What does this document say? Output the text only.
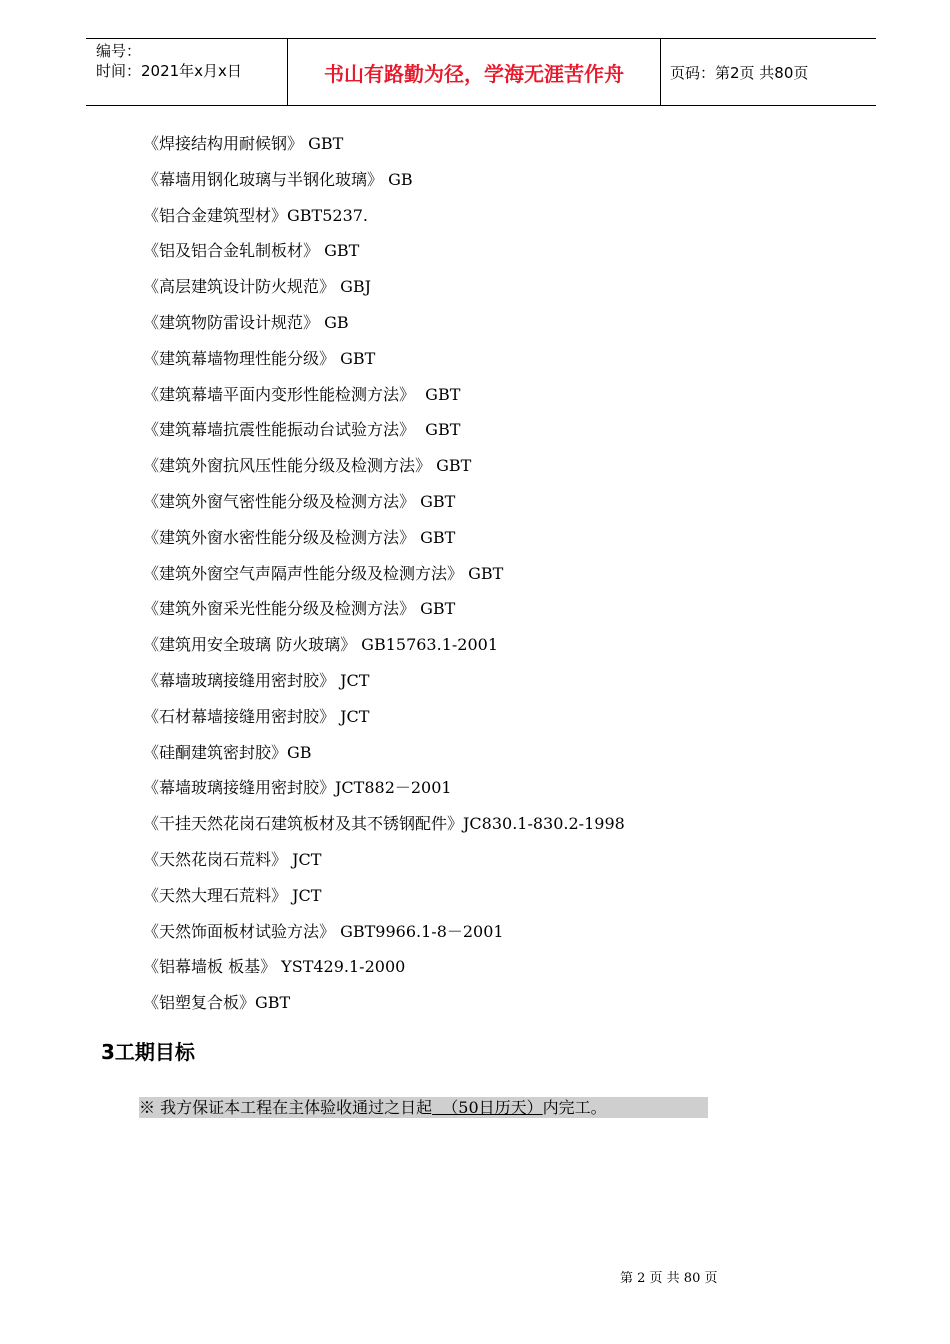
编号：
时间：2021年x月x日	书山有路勤为径，学海无涯苦作舟	页码：第2页 共80页
《焊接结构用耐候钢》 GBT
《幕墙用钢化玻璃与半钢化玻璃》 GB
《铝合金建筑型材》GBT5237.
《铝及铝合金轧制板材》 GBT
《高层建筑设计防火规范》 GBJ
《建筑物防雷设计规范》 GB
《建筑幕墙物理性能分级》 GBT
《建筑幕墙平面内变形性能检测方法》  GBT
《建筑幕墙抗震性能振动台试验方法》  GBT
《建筑外窗抗风压性能分级及检测方法》 GBT
《建筑外窗气密性能分级及检测方法》 GBT
《建筑外窗水密性能分级及检测方法》 GBT
《建筑外窗空气声隔声性能分级及检测方法》 GBT
《建筑外窗采光性能分级及检测方法》 GBT
《建筑用安全玻璃 防火玻璃》 GB15763.1-2001
《幕墙玻璃接缝用密封胶》 JCT
《石材幕墙接缝用密封胶》 JCT
《硅酮建筑密封胶》GB
《幕墙玻璃接缝用密封胶》JCT882－2001
《干挂天然花岗石建筑板材及其不锈钢配件》JC830.1-830.2-1998
《天然花岗石荒料》 JCT
《天然大理石荒料》 JCT
《天然饰面板材试验方法》 GBT9966.1-8－2001
《铝幕墙板 板基》 YST429.1-2000
《铝塑复合板》GBT
3工期目标
※ 我方保证本工程在主体验收通过之日起  （50日历天）内完工。
第 2 页 共 80 页
